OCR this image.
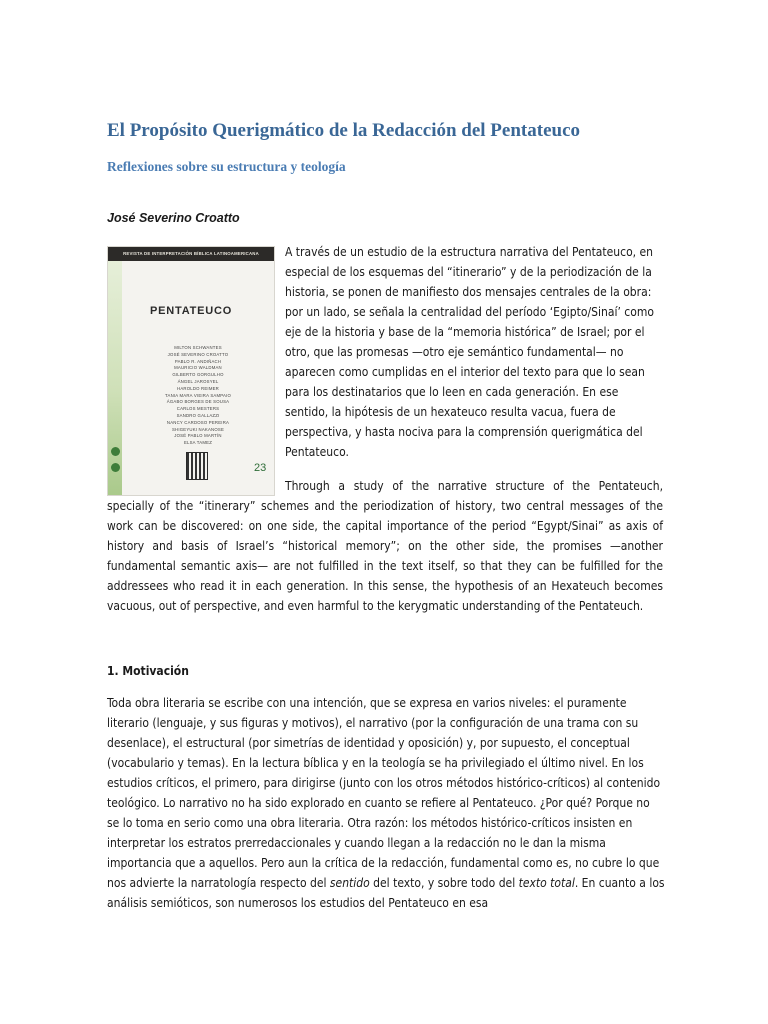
El Propósito Querigmático de la Redacción del Pentateuco
Reflexiones sobre su estructura y teología

José Severino Croatto

REVISTA DE INTERPRETACIÓN BÍBLICA LATINOAMERICANA
PENTATEUCO
MILTON SCHWANTES
JOSÉ SEVERINO CROATTO
PABLO R. ANDIÑACH
MAURICIO WALDMAN
GILBERTO GORGULHO
ÁNGEL JAROSYEL
HAROLDO REIMER
TANIA MARA VIEIRA SAMPAIO
ÁGABO BORGES DE SOUSA
CARLOS MESTERS
SANDRO GALLAZZI
NANCY CARDOSO PEREIRA
SHIGEYUKI NAKANOSE
JOSÉ PABLO MARTÍN
ELSA TAMEZ
23

A través de un estudio de la estructura narrativa del Pentateuco, en especial de los esquemas del “itinerario” y de la periodización de la historia, se ponen de manifiesto dos mensajes centrales de la obra: por un lado, se señala la centralidad del período ‘Egipto/Sinaí’ como eje de la historia y base de la “memoria histórica” de Israel; por el otro, que las promesas —otro eje semántico fundamental— no aparecen como cumplidas en el interior del texto para que lo sean para los destinatarios que lo leen en cada generación. En ese sentido, la hipótesis de un hexateuco resulta vacua, fuera de perspectiva, y hasta nociva para la comprensión querigmática del Pentateuco.

Through a study of the narrative structure of the Pentateuch, specially of the “itinerary” schemes and the periodization of history, two central messages of the work can be discovered: on one side, the capital importance of the period “Egypt/Sinai” as axis of history and basis of Israel’s “historical memory”; on the other side, the promises —another fundamental semantic axis— are not fulfilled in the text itself, so that they can be fulfilled for the addressees who read it in each generation. In this sense, the hypothesis of an Hexateuch becomes vacuous, out of perspective, and even harmful to the kerygmatic understanding of the Pentateuch.

1. Motivación

Toda obra literaria se escribe con una intención, que se expresa en varios niveles: el puramente literario (lenguaje, y sus figuras y motivos), el narrativo (por la configuración de una trama con su desenlace), el estructural (por simetrías de identidad y oposición) y, por supuesto, el conceptual (vocabulario y temas). En la lectura bíblica y en la teología se ha privilegiado el último nivel. En los estudios críticos, el primero, para dirigirse (junto con los otros métodos histórico-críticos) al contenido teológico. Lo narrativo no ha sido explorado en cuanto se refiere al Pentateuco. ¿Por qué? Porque no se lo toma en serio como una obra literaria. Otra razón: los métodos histórico-críticos insisten en interpretar los estratos prerredaccionales y cuando llegan a la redacción no le dan la misma importancia que a aquellos. Pero aun la crítica de la redacción, fundamental como es, no cubre lo que nos advierte la narratología respecto del sentido del texto, y sobre todo del texto total. En cuanto a los análisis semióticos, son numerosos los estudios del Pentateuco en esa
